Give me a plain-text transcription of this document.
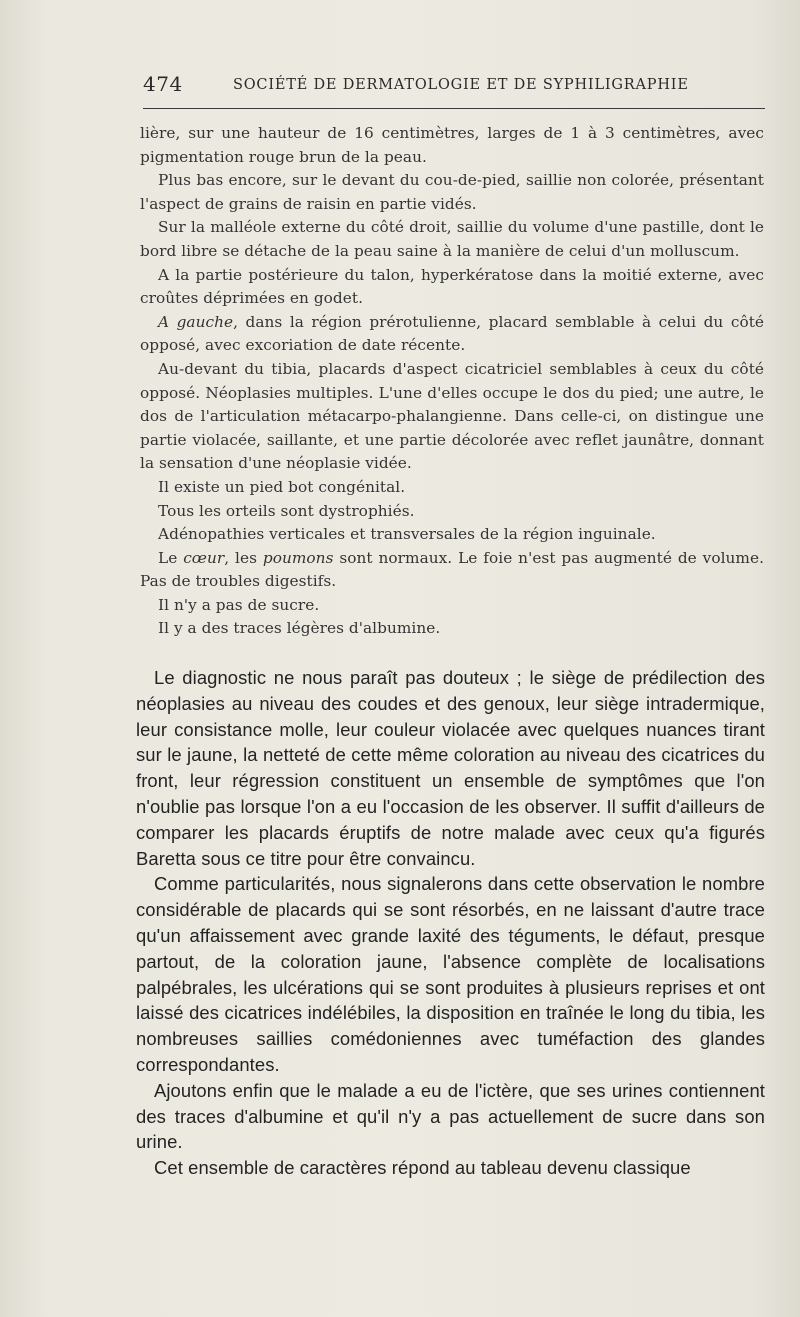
474	SOCIÉTÉ DE DERMATOLOGIE ET DE SYPHILIGRAPHIE

lière, sur une hauteur de 16 centimètres, larges de 1 à 3 centimètres, avec pigmentation rouge brun de la peau.

Plus bas encore, sur le devant du cou-de-pied, saillie non colorée, présentant l'aspect de grains de raisin en partie vidés.

Sur la malléole externe du côté droit, saillie du volume d'une pastille, dont le bord libre se détache de la peau saine à la manière de celui d'un molluscum.

A la partie postérieure du talon, hyperkératose dans la moitié externe, avec croûtes déprimées en godet.

A gauche, dans la région prérotulienne, placard semblable à celui du côté opposé, avec excoriation de date récente.

Au-devant du tibia, placards d'aspect cicatriciel semblables à ceux du côté opposé. Néoplasies multiples. L'une d'elles occupe le dos du pied; une autre, le dos de l'articulation métacarpo-phalangienne. Dans celle-ci, on distingue une partie violacée, saillante, et une partie décolorée avec reflet jaunâtre, donnant la sensation d'une néoplasie vidée.

Il existe un pied bot congénital.

Tous les orteils sont dystrophiés.

Adénopathies verticales et transversales de la région inguinale.

Le cœur, les poumons sont normaux. Le foie n'est pas augmenté de volume. Pas de troubles digestifs.

Il n'y a pas de sucre.

Il y a des traces légères d'albumine.

Le diagnostic ne nous paraît pas douteux ; le siège de prédilection des néoplasies au niveau des coudes et des genoux, leur siège intradermique, leur consistance molle, leur couleur violacée avec quelques nuances tirant sur le jaune, la netteté de cette même coloration au niveau des cicatrices du front, leur régression constituent un ensemble de symptômes que l'on n'oublie pas lorsque l'on a eu l'occasion de les observer. Il suffit d'ailleurs de comparer les placards éruptifs de notre malade avec ceux qu'a figurés Baretta sous ce titre pour être convaincu.

Comme particularités, nous signalerons dans cette observation le nombre considérable de placards qui se sont résorbés, en ne laissant d'autre trace qu'un affaissement avec grande laxité des téguments, le défaut, presque partout, de la coloration jaune, l'absence complète de localisations palpébrales, les ulcérations qui se sont produites à plusieurs reprises et ont laissé des cicatrices indélébiles, la disposition en traînée le long du tibia, les nombreuses saillies comédoniennes avec tuméfaction des glandes correspondantes.

Ajoutons enfin que le malade a eu de l'ictère, que ses urines contiennent des traces d'albumine et qu'il n'y a pas actuellement de sucre dans son urine.

Cet ensemble de caractères répond au tableau devenu classique
